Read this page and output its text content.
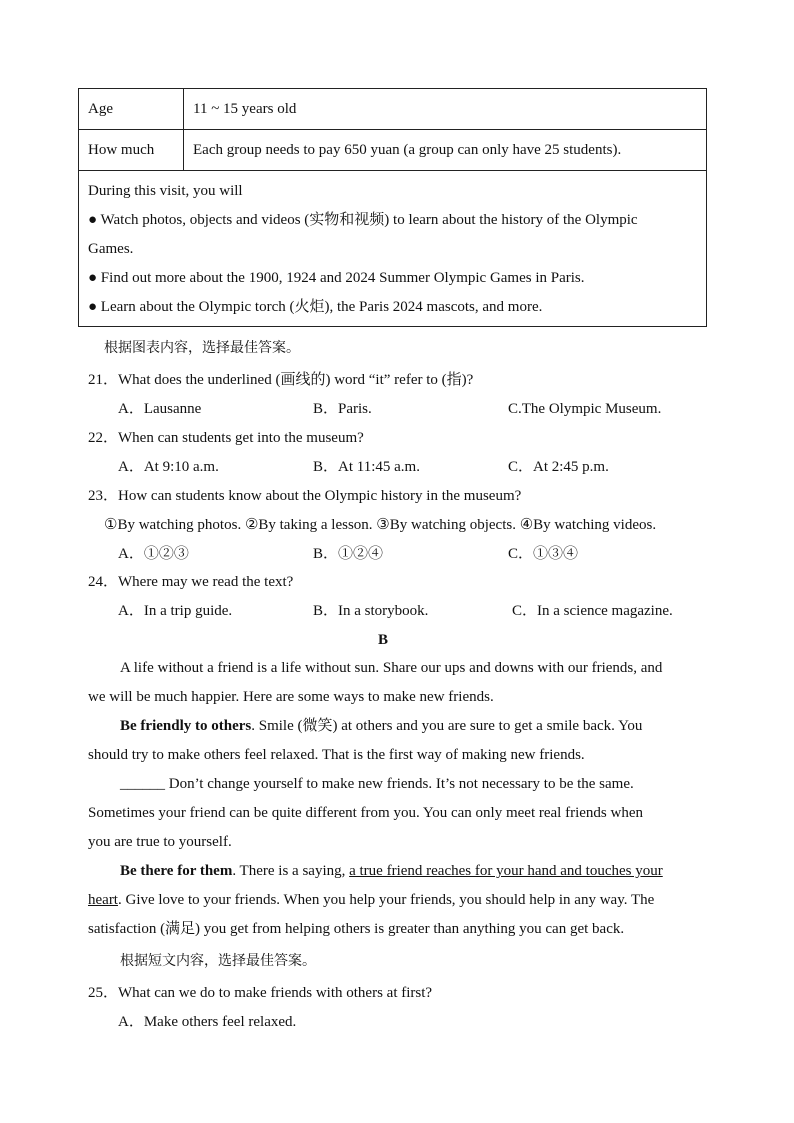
Age	11 ~ 15 years old
How much	Each group needs to pay 650 yuan (a group can only have 25 students).
During this visit, you will
● Watch photos, objects and videos (实物和视频) to learn about the history of the Olympic
Games.
● Find out more about the 1900, 1924 and 2024 Summer Olympic Games in Paris.
● Learn about the Olympic torch (火炬), the Paris 2024 mascots, and more.
根据图表内容，选择最佳答案。
21．What does the underlined (画线的) word “it” refer to (指)?
A．Lausanne	B．Paris.	C.The Olympic Museum.
22．When can students get into the museum?
A．At 9:10 a.m.	B．At 11:45 a.m.	C．At 2:45 p.m.
23．How can students know about the Olympic history in the museum?
①By watching photos. ②By taking a lesson. ③By watching objects. ④By watching videos.
A．①②③	B．①②④	C．①③④
24．Where may we read the text?
A．In a trip guide.	B．In a storybook.	C．In a science magazine.
B
A life without a friend is a life without sun. Share our ups and downs with our friends, and
we will be much happier. Here are some ways to make new friends.
Be friendly to others. Smile (微笑) at others and you are sure to get a smile back. You
should try to make others feel relaxed. That is the first way of making new friends.
______ Don’t change yourself to make new friends. It’s not necessary to be the same.
Sometimes your friend can be quite different from you. You can only meet real friends when
you are true to yourself.
Be there for them. There is a saying, a true friend reaches for your hand and touches your
heart. Give love to your friends. When you help your friends, you should help in any way. The
satisfaction (满足) you get from helping others is greater than anything you can get back.
根据短文内容，选择最佳答案。
25．What can we do to make friends with others at first?
A．Make others feel relaxed.
